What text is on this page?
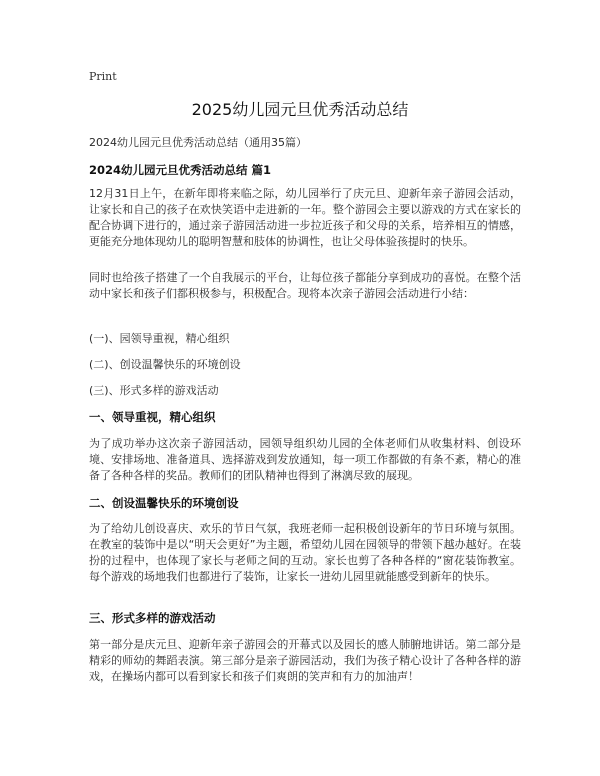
Print
2025幼儿园元旦优秀活动总结

2024幼儿园元旦优秀活动总结（通用35篇）

2024幼儿园元旦优秀活动总结 篇1

12月31日上午，在新年即将来临之际，幼儿园举行了庆元旦、迎新年亲子游园会活动，让家长和自己的孩子在欢快笑语中走进新的一年。整个游园会主要以游戏的方式在家长的配合协调下进行的，通过亲子游园活动进一步拉近孩子和父母的关系，培养相互的情感，更能充分地体现幼儿的聪明智慧和肢体的协调性，也让父母体验孩提时的快乐。

同时也给孩子搭建了一个自我展示的平台，让每位孩子都能分享到成功的喜悦。在整个活动中家长和孩子们都积极参与，积极配合。现将本次亲子游园会活动进行小结：

(一)、园领导重视，精心组织

(二)、创设温馨快乐的环境创设

(三)、形式多样的游戏活动

一、领导重视，精心组织

为了成功举办这次亲子游园活动，园领导组织幼儿园的全体老师们从收集材料、创设环境、安排场地、准备道具、选择游戏到发放通知，每一项工作都做的有条不紊，精心的准备了各种各样的奖品。教师们的团队精神也得到了淋漓尽致的展现。

二、创设温馨快乐的环境创设

为了给幼儿创设喜庆、欢乐的节日气氛，我班老师一起积极创设新年的节日环境与氛围。在教室的装饰中是以“明天会更好”为主题，希望幼儿园在园领导的带领下越办越好。在装扮的过程中，也体现了家长与老师之间的互动。家长也剪了各种各样的“窗花装饰教室。每个游戏的场地我们也都进行了装饰，让家长一进幼儿园里就能感受到新年的快乐。

三、形式多样的游戏活动

第一部分是庆元旦、迎新年亲子游园会的开幕式以及园长的感人肺腑地讲话。第二部分是精彩的师幼的舞蹈表演。第三部分是亲子游园活动，我们为孩子精心设计了各种各样的游戏，在操场内都可以看到家长和孩子们爽朗的笑声和有力的加油声！
